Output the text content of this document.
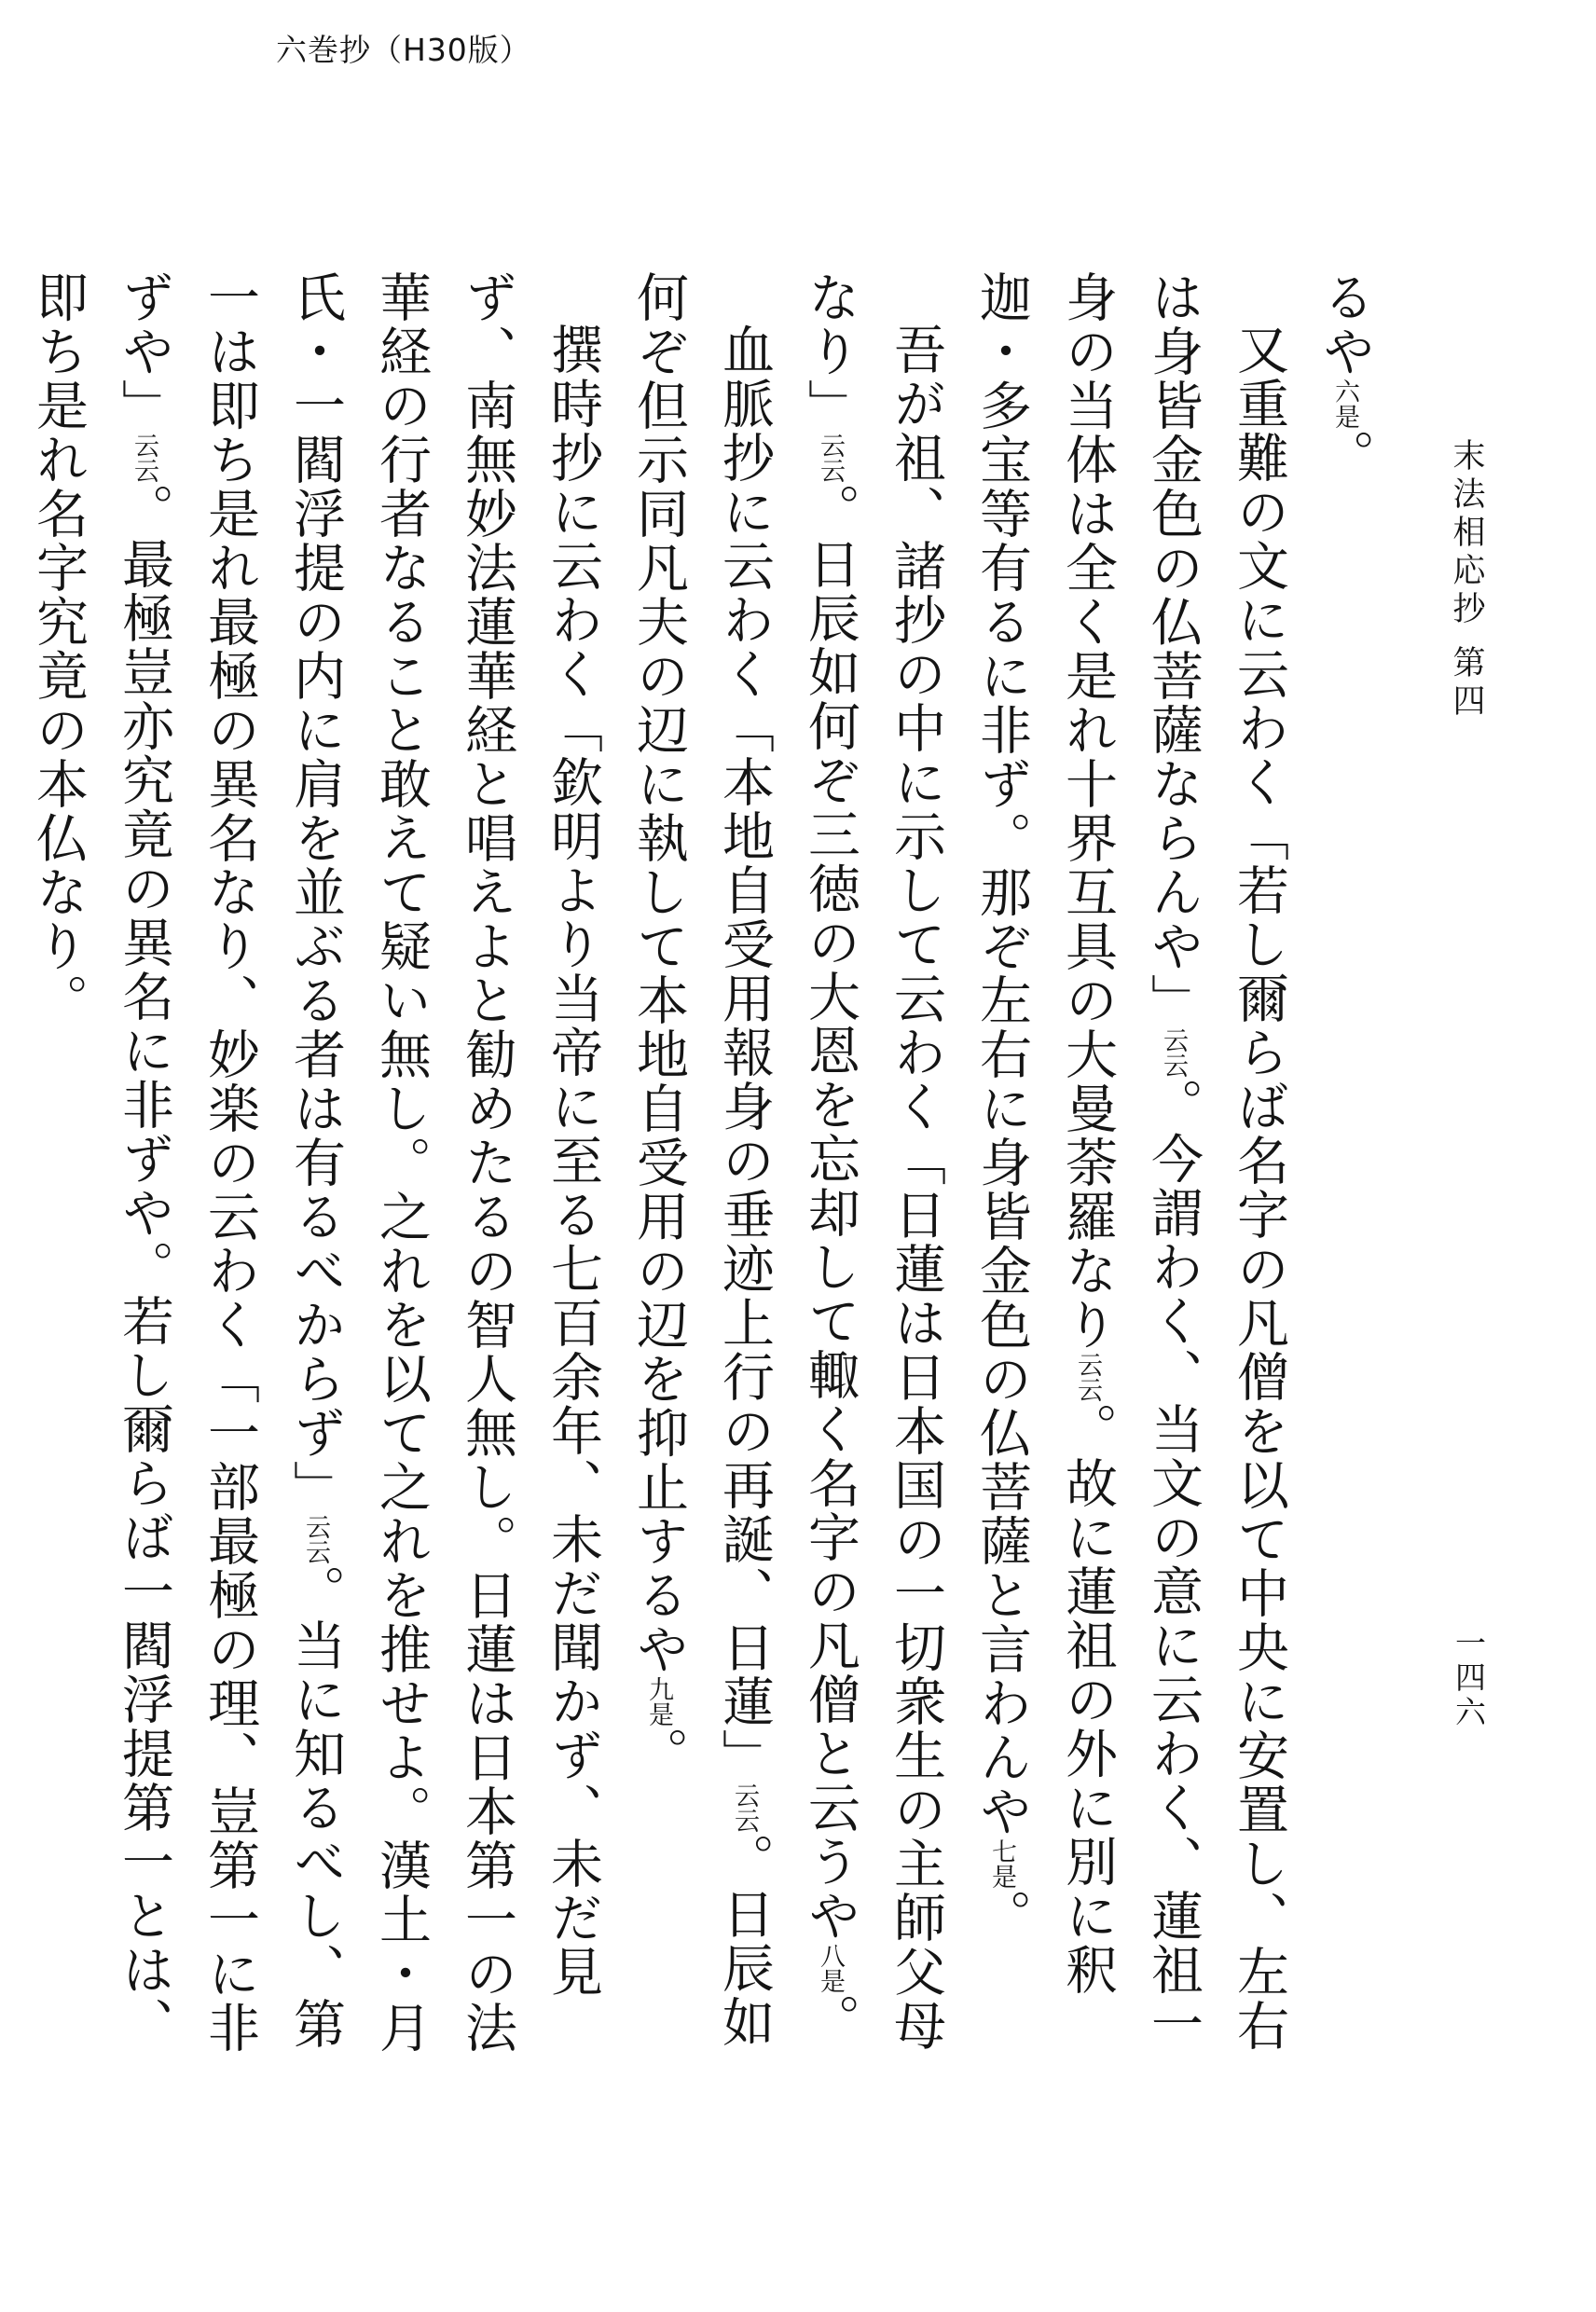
六巻抄（H30版）
末法相応抄 第四
一四六

るや六是。

又重難の文に云わく「若し爾らば名字の凡僧を以て中央に安置し、左右は身皆金色の仏菩薩ならんや」云云。今謂わく、当文の意に云わく、蓮祖一身の当体は全く是れ十界互具の大曼荼羅なり云云。故に蓮祖の外に別に釈迦・多宝等有るに非ず。那ぞ左右に身皆金色の仏菩薩と言わんや七是。

吾が祖、諸抄の中に示して云わく「日蓮は日本国の一切衆生の主師父母なり」云云。日辰如何ぞ三徳の大恩を忘却して輙く名字の凡僧と云うや八是。

血脈抄に云わく「本地自受用報身の垂迹上行の再誕、日蓮」云云。日辰如何ぞ但示同凡夫の辺に執して本地自受用の辺を抑止するや九是。

撰時抄に云わく「欽明より当帝に至る七百余年、未だ聞かず、未だ見ず、南無妙法蓮華経と唱えよと勧めたるの智人無し。日蓮は日本第一の法華経の行者なること敢えて疑い無し。之れを以て之れを推せよ。漢土・月氏・一閻浮提の内に肩を並ぶる者は有るべからず」云云。当に知るべし、第一は即ち是れ最極の異名なり、妙楽の云わく「一部最極の理、豈第一に非ずや」云云。最極豈亦究竟の異名に非ずや。若し爾らば一閻浮提第一とは、即ち是れ名字究竟の本仏なり。
